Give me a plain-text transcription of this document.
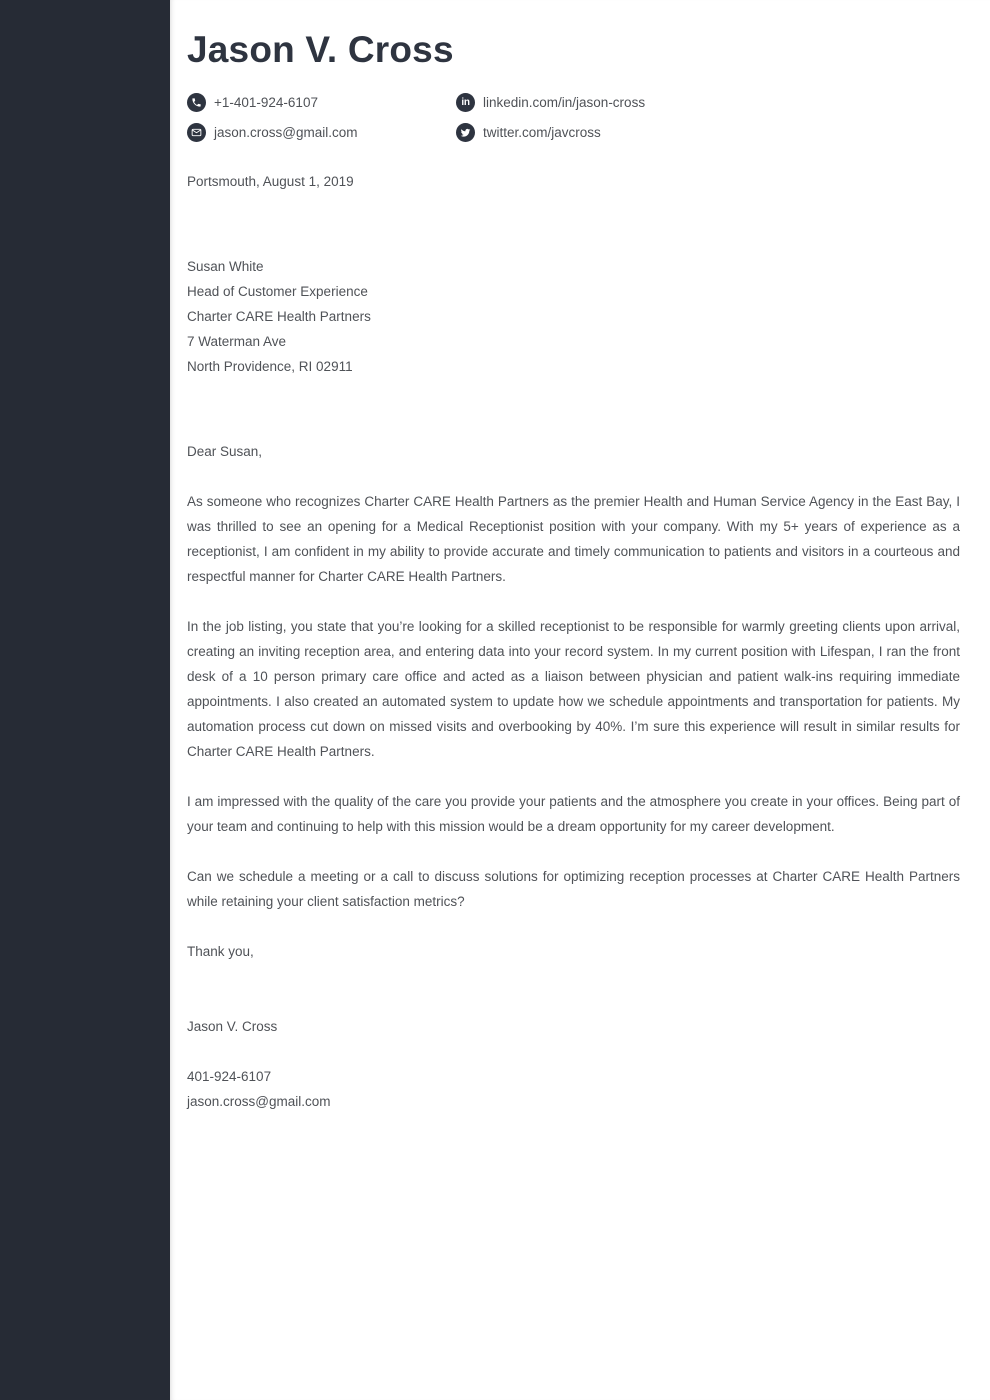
Jason V. Cross
+1-401-924-6107
jason.cross@gmail.com
in linkedin.com/in/jason-cross
twitter.com/javcross
Portsmouth, August 1, 2019
Susan White
Head of Customer Experience
Charter CARE Health Partners
7 Waterman Ave
North Providence, RI 02911
Dear Susan,

As someone who recognizes Charter CARE Health Partners as the premier Health and Human Service Agency in the East Bay, I was thrilled to see an opening for a Medical Receptionist position with your company. With my 5+ years of experience as a receptionist, I am confident in my ability to provide accurate and timely communication to patients and visitors in a courteous and respectful manner for Charter CARE Health Partners.

In the job listing, you state that you’re looking for a skilled receptionist to be responsible for warmly greeting clients upon arrival, creating an inviting reception area, and entering data into your record system. In my current position with Lifespan, I ran the front desk of a 10 person primary care office and acted as a liaison between physician and patient walk-ins requiring immediate appointments. I also created an automated system to update how we schedule appointments and transportation for patients. My automation process cut down on missed visits and overbooking by 40%. I’m sure this experience will result in similar results for Charter CARE Health Partners.

I am impressed with the quality of the care you provide your patients and the atmosphere you create in your offices. Being part of your team and continuing to help with this mission would be a dream opportunity for my career development.

Can we schedule a meeting or a call to discuss solutions for optimizing reception processes at Charter CARE Health Partners while retaining your client satisfaction metrics?

Thank you,
Jason V. Cross
401-924-6107
jason.cross@gmail.com
